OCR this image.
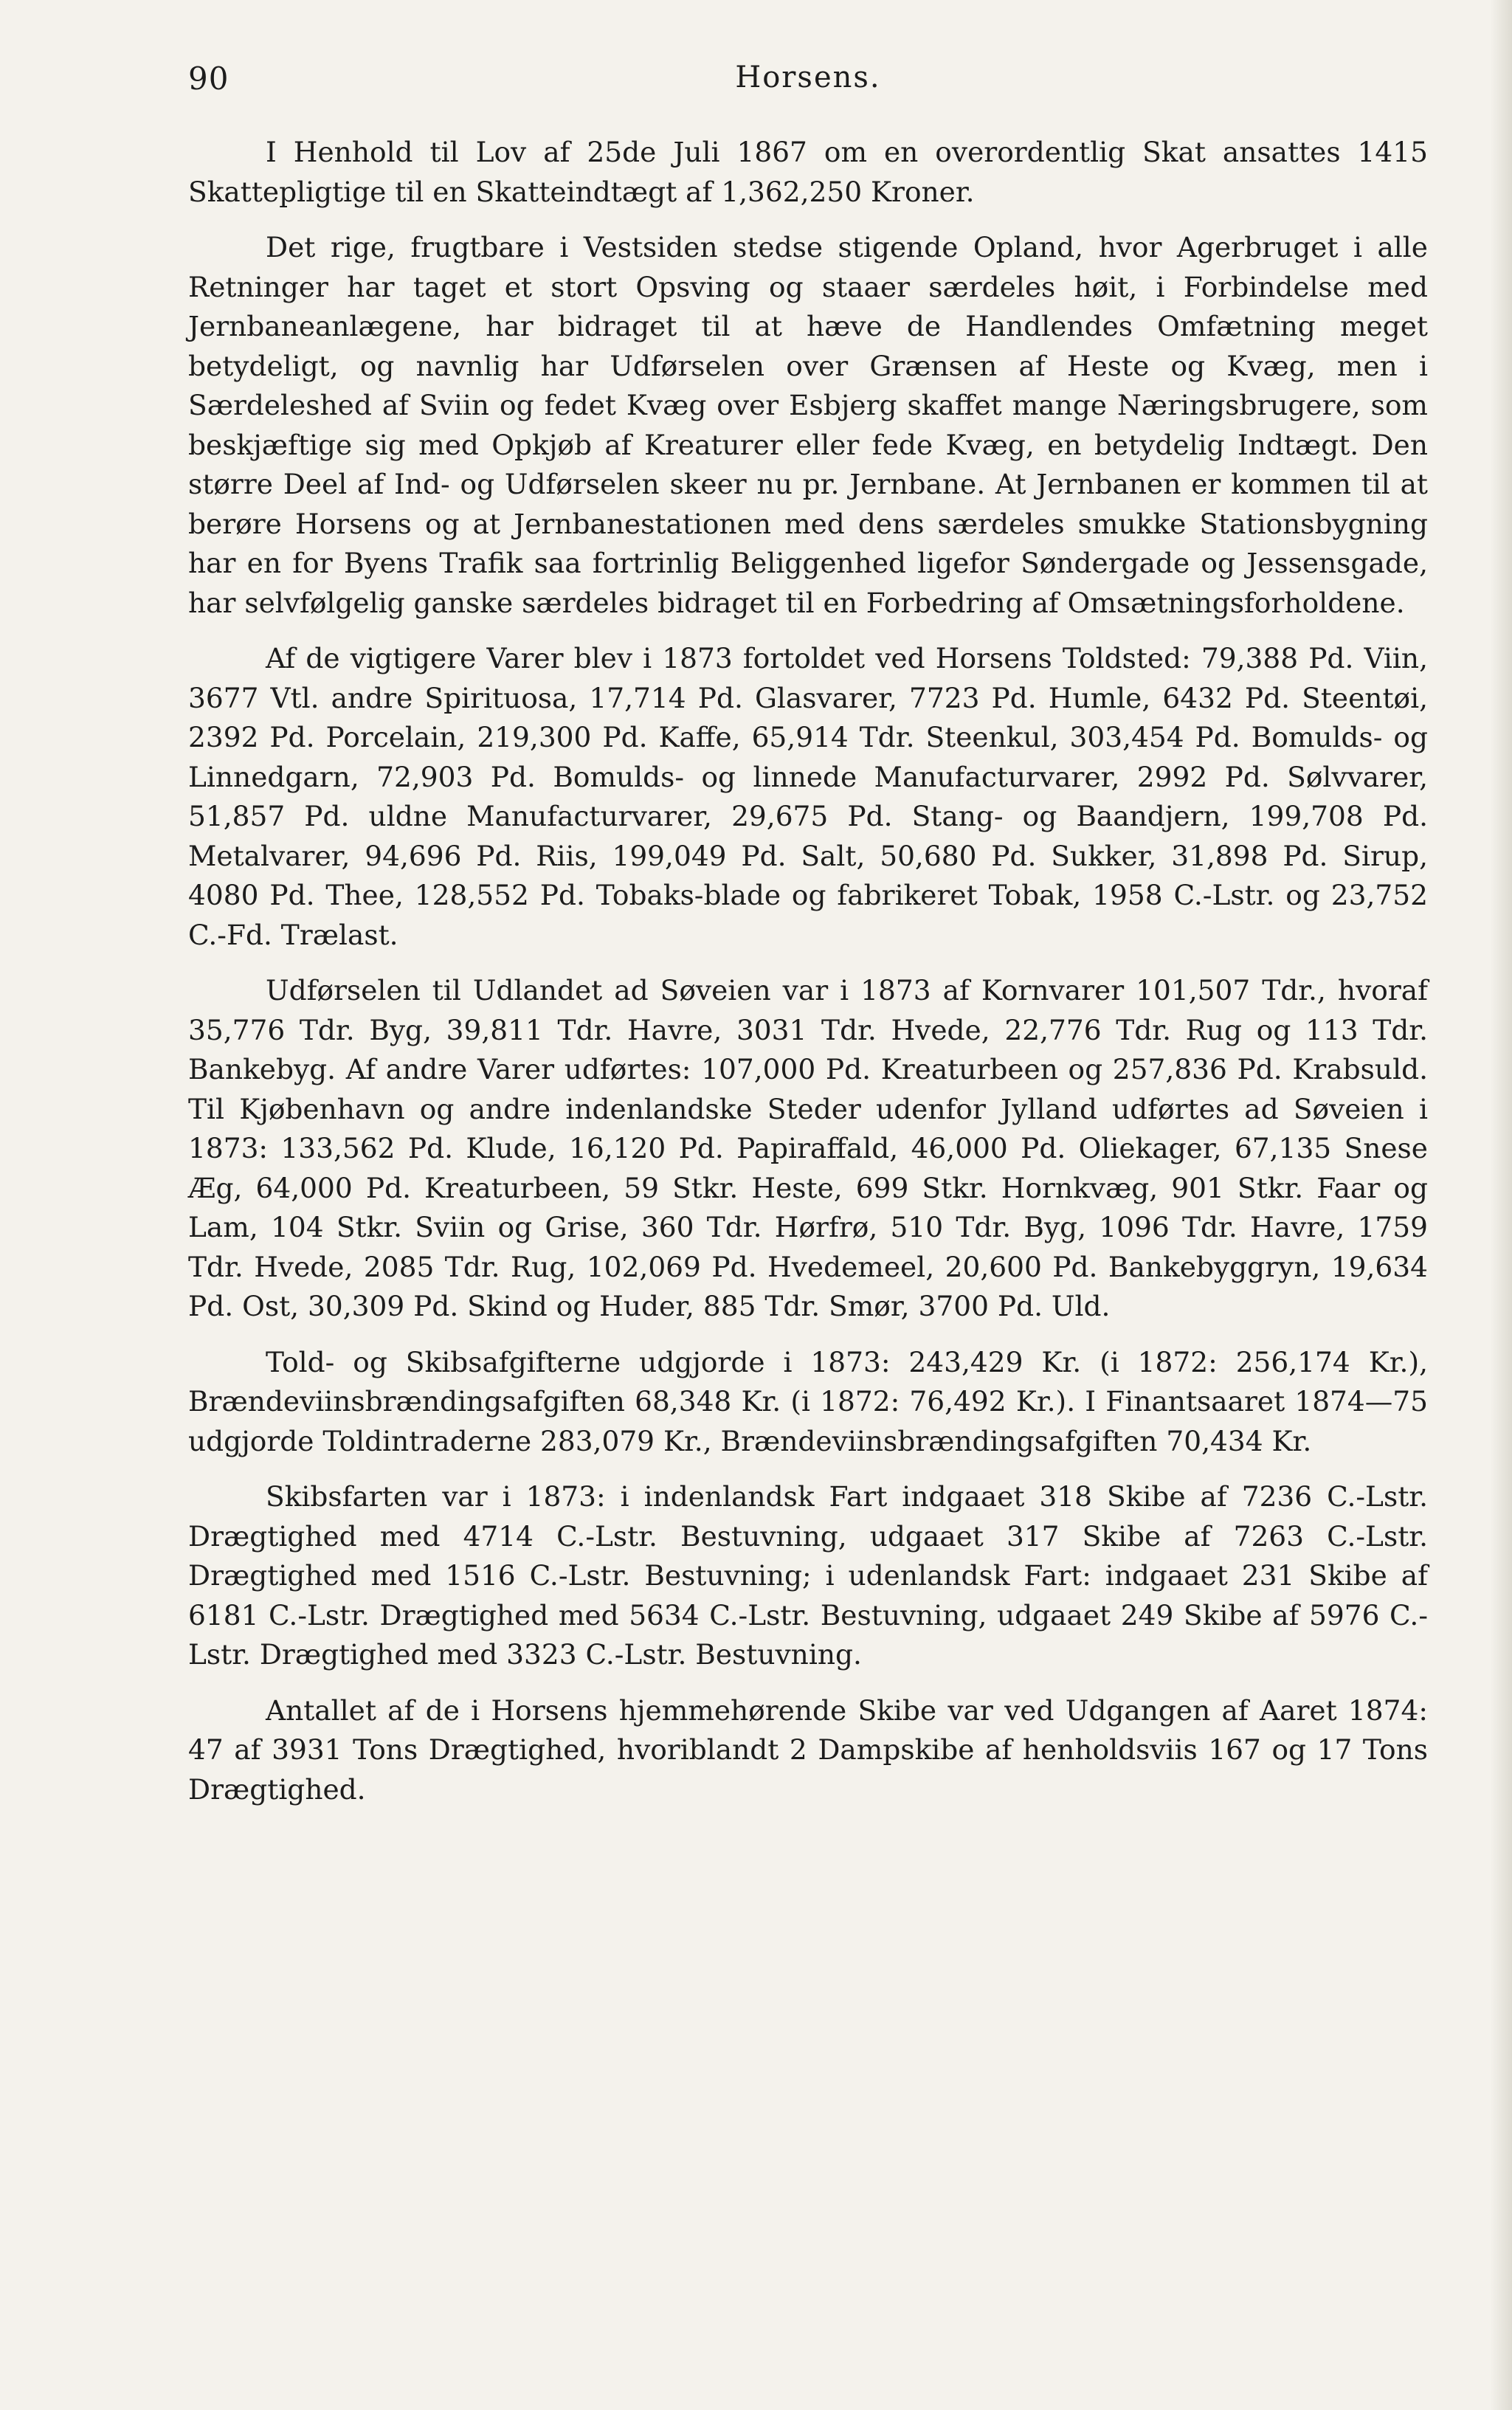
90	Horsens.

I Henhold til Lov af 25de Juli 1867 om en overordentlig Skat ansattes 1415 Skattepligtige til en Skatteindtægt af 1,362,250 Kroner.

Det rige, frugtbare i Vestsiden stedse stigende Opland, hvor Agerbruget i alle Retninger har taget et stort Opsving og staaer særdeles høit, i Forbindelse med Jernbaneanlægene, har bidraget til at hæve de Handlendes Omfætning meget betydeligt, og navnlig har Udførselen over Grænsen af Heste og Kvæg, men i Særdeleshed af Sviin og fedet Kvæg over Esbjerg skaffet mange Næringsbrugere, som beskjæftige sig med Opkjøb af Kreaturer eller fede Kvæg, en betydelig Indtægt. Den større Deel af Ind- og Udførselen skeer nu pr. Jernbane. At Jernbanen er kommen til at berøre Horsens og at Jernbanestationen med dens særdeles smukke Stationsbygning har en for Byens Trafik saa fortrinlig Beliggenhed ligefor Søndergade og Jessensgade, har selvfølgelig ganske særdeles bidraget til en Forbedring af Omsætningsforholdene.

Af de vigtigere Varer blev i 1873 fortoldet ved Horsens Toldsted: 79,388 Pd. Viin, 3677 Vtl. andre Spirituosa, 17,714 Pd. Glasvarer, 7723 Pd. Humle, 6432 Pd. Steentøi, 2392 Pd. Porcelain, 219,300 Pd. Kaffe, 65,914 Tdr. Steenkul, 303,454 Pd. Bomulds- og Linnedgarn, 72,903 Pd. Bomulds- og linnede Manufacturvarer, 2992 Pd. Sølvvarer, 51,857 Pd. uldne Manufacturvarer, 29,675 Pd. Stang- og Baandjern, 199,708 Pd. Metalvarer, 94,696 Pd. Riis, 199,049 Pd. Salt, 50,680 Pd. Sukker, 31,898 Pd. Sirup, 4080 Pd. Thee, 128,552 Pd. Tobaks-blade og fabrikeret Tobak, 1958 C.-Lstr. og 23,752 C.-Fd. Trælast.

Udførselen til Udlandet ad Søveien var i 1873 af Kornvarer 101,507 Tdr., hvoraf 35,776 Tdr. Byg, 39,811 Tdr. Havre, 3031 Tdr. Hvede, 22,776 Tdr. Rug og 113 Tdr. Bankebyg. Af andre Varer udførtes: 107,000 Pd. Kreaturbeen og 257,836 Pd. Krabsuld. Til Kjøbenhavn og andre indenlandske Steder udenfor Jylland udførtes ad Søveien i 1873: 133,562 Pd. Klude, 16,120 Pd. Papiraffald, 46,000 Pd. Oliekager, 67,135 Snese Æg, 64,000 Pd. Kreaturbeen, 59 Stkr. Heste, 699 Stkr. Hornkvæg, 901 Stkr. Faar og Lam, 104 Stkr. Sviin og Grise, 360 Tdr. Hørfrø, 510 Tdr. Byg, 1096 Tdr. Havre, 1759 Tdr. Hvede, 2085 Tdr. Rug, 102,069 Pd. Hvedemeel, 20,600 Pd. Bankebyggryn, 19,634 Pd. Ost, 30,309 Pd. Skind og Huder, 885 Tdr. Smør, 3700 Pd. Uld.

Told- og Skibsafgifterne udgjorde i 1873: 243,429 Kr. (i 1872: 256,174 Kr.), Brændeviinsbrændingsafgiften 68,348 Kr. (i 1872: 76,492 Kr.). I Finantsaaret 1874—75 udgjorde Toldintraderne 283,079 Kr., Brændeviinsbrændingsafgiften 70,434 Kr.

Skibsfarten var i 1873: i indenlandsk Fart indgaaet 318 Skibe af 7236 C.-Lstr. Drægtighed med 4714 C.-Lstr. Bestuvning, udgaaet 317 Skibe af 7263 C.-Lstr. Drægtighed med 1516 C.-Lstr. Bestuvning; i udenlandsk Fart: indgaaet 231 Skibe af 6181 C.-Lstr. Drægtighed med 5634 C.-Lstr. Bestuvning, udgaaet 249 Skibe af 5976 C.-Lstr. Drægtighed med 3323 C.-Lstr. Bestuvning.

Antallet af de i Horsens hjemmehørende Skibe var ved Udgangen af Aaret 1874: 47 af 3931 Tons Drægtighed, hvoriblandt 2 Dampskibe af henholdsviis 167 og 17 Tons Drægtighed.
